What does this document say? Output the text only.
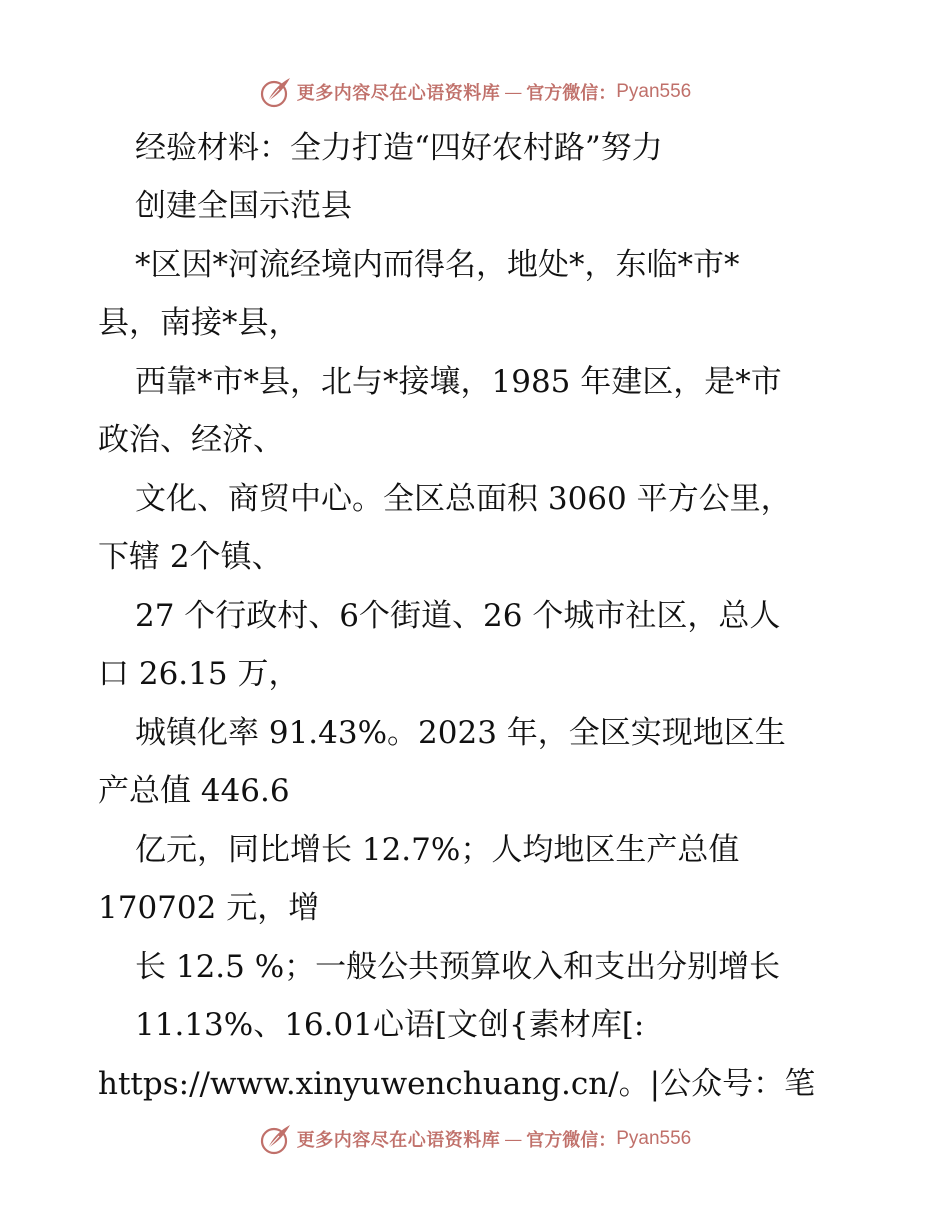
更多内容尽在心语资料库 — 官方微信： Pyan556
经验材料：全力打造“四好农村路”努力
创建全国示范县
*区因*河流经境内而得名，地处*，东临*市*
县，南接*县，
西靠*市*县，北与*接壤，1985 年建区，是*市
政治、经济、
文化、商贸中心。全区总面积 3060 平方公里，
下辖 2个镇、
27 个行政村、6个街道、26 个城市社区，总人
口 26.15 万，
城镇化率 91.43%。2023 年，全区实现地区生
产总值 446.6
亿元，同比增长 12.7%；人均地区生产总值
170702 元，增
长 12.5 %；一般公共预算收入和支出分别增长
11.13%、16.01心语[文创{素材库[:
https://www.xinyuwenchuang.cn/。|公众号：笔
更多内容尽在心语资料库 — 官方微信： Pyan556
